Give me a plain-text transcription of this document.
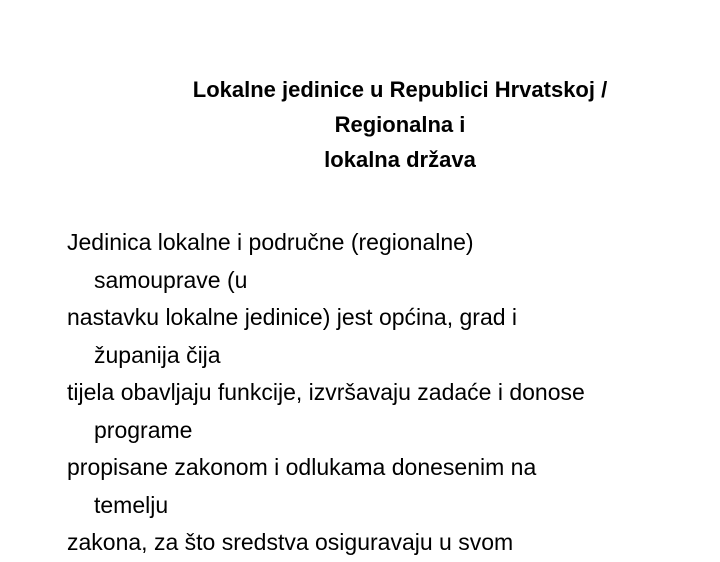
Lokalne jedinice u Republici Hrvatskoj /
Regionalna i
lokalna država
Jedinica lokalne i područne (regionalne)
samouprave (u
nastavku lokalne jedinice) jest općina, grad i
županija čija
tijela obavljaju funkcije, izvršavaju zadaće i donose
programe
propisane zakonom i odlukama donesenim na
temelju
zakona, za što sredstva osiguravaju u svom
